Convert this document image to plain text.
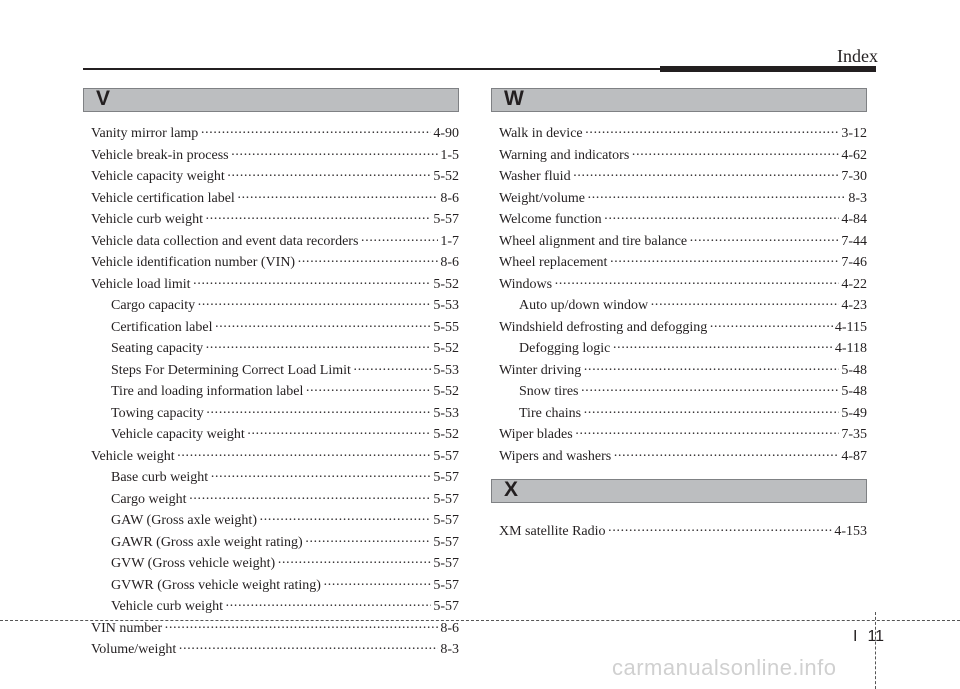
Index
V
Vanity mirror lamp · · ·	4-90
Vehicle break-in process · · ·	1-5
Vehicle capacity weight · · ·	5-52
Vehicle certification label · · ·	8-6
Vehicle curb weight · · ·	5-57
Vehicle data collection and event data recorders · · ·	1-7
Vehicle identification number (VIN) · · ·	8-6
Vehicle load limit · · ·	5-52
Cargo capacity · · ·	5-53
Certification label · · ·	5-55
Seating capacity · · ·	5-52
Steps For Determining Correct Load Limit · · ·	5-53
Tire and loading information label · · ·	5-52
Towing capacity · · ·	5-53
Vehicle capacity weight · · ·	5-52
Vehicle weight · · ·	5-57
Base curb weight · · ·	5-57
Cargo weight · · ·	5-57
GAW (Gross axle weight) · · ·	5-57
GAWR (Gross axle weight rating) · · ·	5-57
GVW (Gross vehicle weight) · · ·	5-57
GVWR (Gross vehicle weight rating) · · ·	5-57
Vehicle curb weight · · ·	5-57
VIN number · · ·	8-6
Volume/weight · · ·	8-3
W
Walk in device · · ·	3-12
Warning and indicators · · ·	4-62
Washer fluid · · ·	7-30
Weight/volume · · ·	8-3
Welcome function · · ·	4-84
Wheel alignment and tire balance · · ·	7-44
Wheel replacement · · ·	7-46
Windows · · ·	4-22
Auto up/down window · · ·	4-23
Windshield defrosting and defogging · · ·	4-115
Defogging logic · · ·	4-118
Winter driving · · ·	5-48
Snow tires · · ·	5-48
Tire chains · · ·	5-49
Wiper blades · · ·	7-35
Wipers and washers · · ·	4-87
X
XM satellite Radio · · ·	4-153
I 11
carmanualsonline.info
